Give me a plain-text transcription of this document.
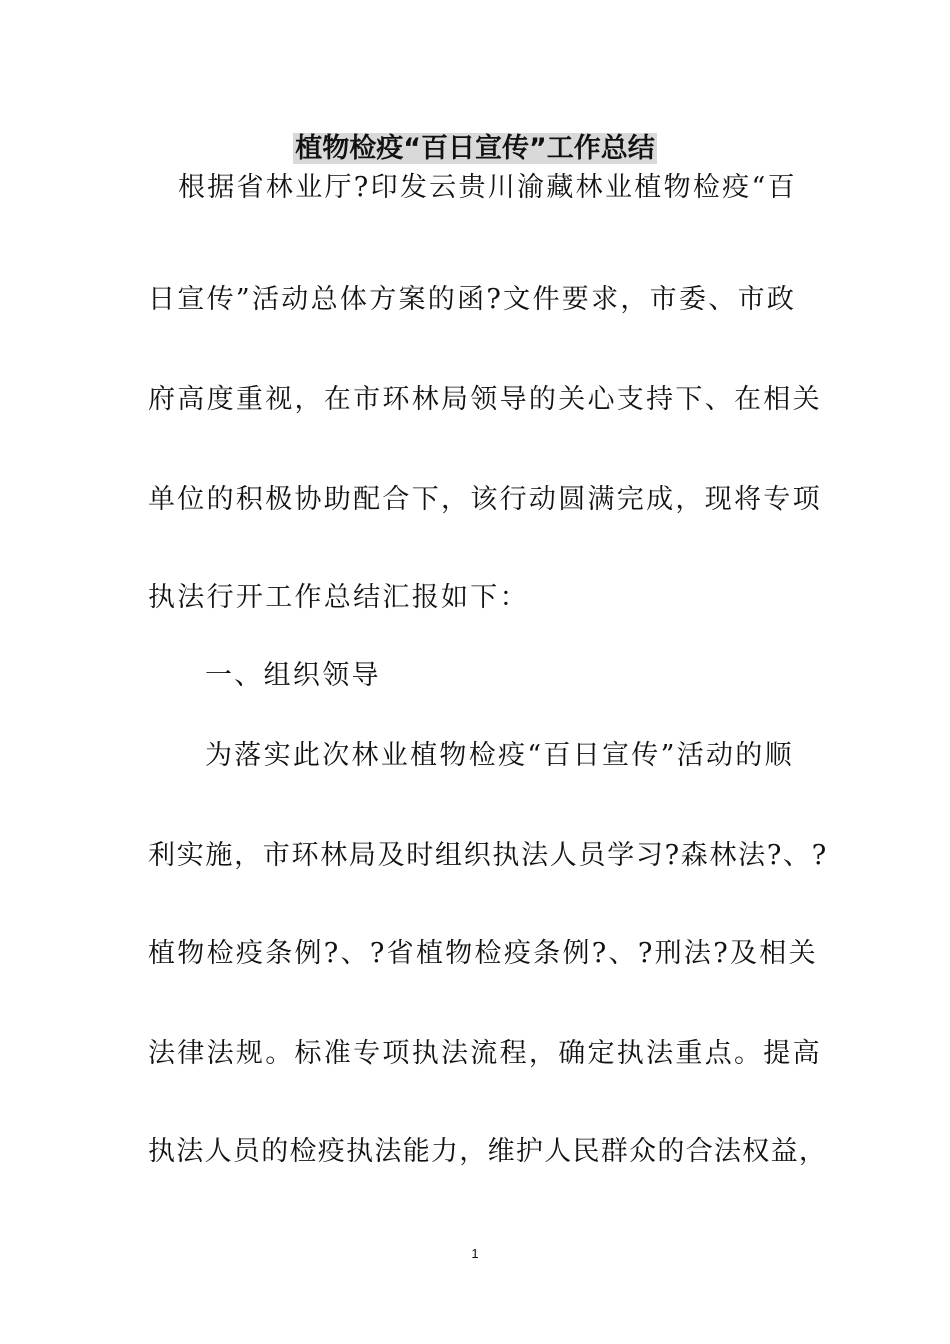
植物检疫“百日宣传”工作总结
根据省林业厅?印发云贵川渝藏林业植物检疫“百
日宣传”活动总体方案的函?文件要求，市委、市政
府高度重视，在市环林局领导的关心支持下、在相关
单位的积极协助配合下，该行动圆满完成，现将专项
执法行开工作总结汇报如下：
一、组织领导
为落实此次林业植物检疫“百日宣传”活动的顺
利实施，市环林局及时组织执法人员学习?森林法?、?
植物检疫条例?、?省植物检疫条例?、?刑法?及相关
法律法规。标准专项执法流程，确定执法重点。提高
执法人员的检疫执法能力，维护人民群众的合法权益，
1
